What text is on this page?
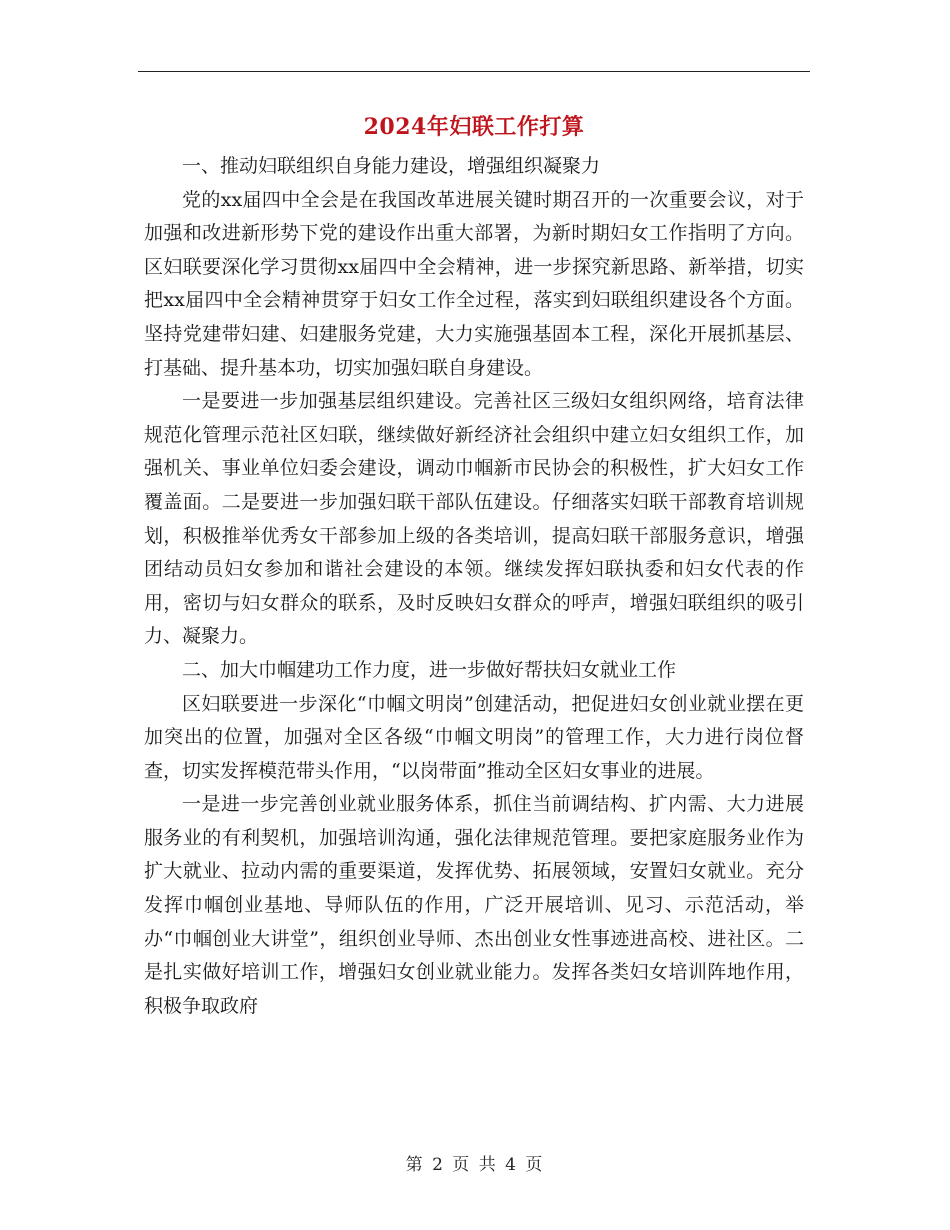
2024年妇联工作打算

一、推动妇联组织自身能力建设，增强组织凝聚力

党的xx届四中全会是在我国改革进展关键时期召开的一次重要会议，对于加强和改进新形势下党的建设作出重大部署，为新时期妇女工作指明了方向。区妇联要深化学习贯彻xx届四中全会精神，进一步探究新思路、新举措，切实把xx届四中全会精神贯穿于妇女工作全过程，落实到妇联组织建设各个方面。坚持党建带妇建、妇建服务党建，大力实施强基固本工程，深化开展抓基层、打基础、提升基本功，切实加强妇联自身建设。

一是要进一步加强基层组织建设。完善社区三级妇女组织网络，培育法律规范化管理示范社区妇联，继续做好新经济社会组织中建立妇女组织工作，加强机关、事业单位妇委会建设，调动巾帼新市民协会的积极性，扩大妇女工作覆盖面。二是要进一步加强妇联干部队伍建设。仔细落实妇联干部教育培训规划，积极推举优秀女干部参加上级的各类培训，提高妇联干部服务意识，增强团结动员妇女参加和谐社会建设的本领。继续发挥妇联执委和妇女代表的作用，密切与妇女群众的联系，及时反映妇女群众的呼声，增强妇联组织的吸引力、凝聚力。

二、加大巾帼建功工作力度，进一步做好帮扶妇女就业工作

区妇联要进一步深化“巾帼文明岗”创建活动，把促进妇女创业就业摆在更加突出的位置，加强对全区各级“巾帼文明岗”的管理工作，大力进行岗位督查，切实发挥模范带头作用，“以岗带面”推动全区妇女事业的进展。

一是进一步完善创业就业服务体系，抓住当前调结构、扩内需、大力进展服务业的有利契机，加强培训沟通，强化法律规范管理。要把家庭服务业作为扩大就业、拉动内需的重要渠道，发挥优势、拓展领域，安置妇女就业。充分发挥巾帼创业基地、导师队伍的作用，广泛开展培训、见习、示范活动，举办“巾帼创业大讲堂”，组织创业导师、杰出创业女性事迹进高校、进社区。二是扎实做好培训工作，增强妇女创业就业能力。发挥各类妇女培训阵地作用，积极争取政府

第 2 页 共 4 页
